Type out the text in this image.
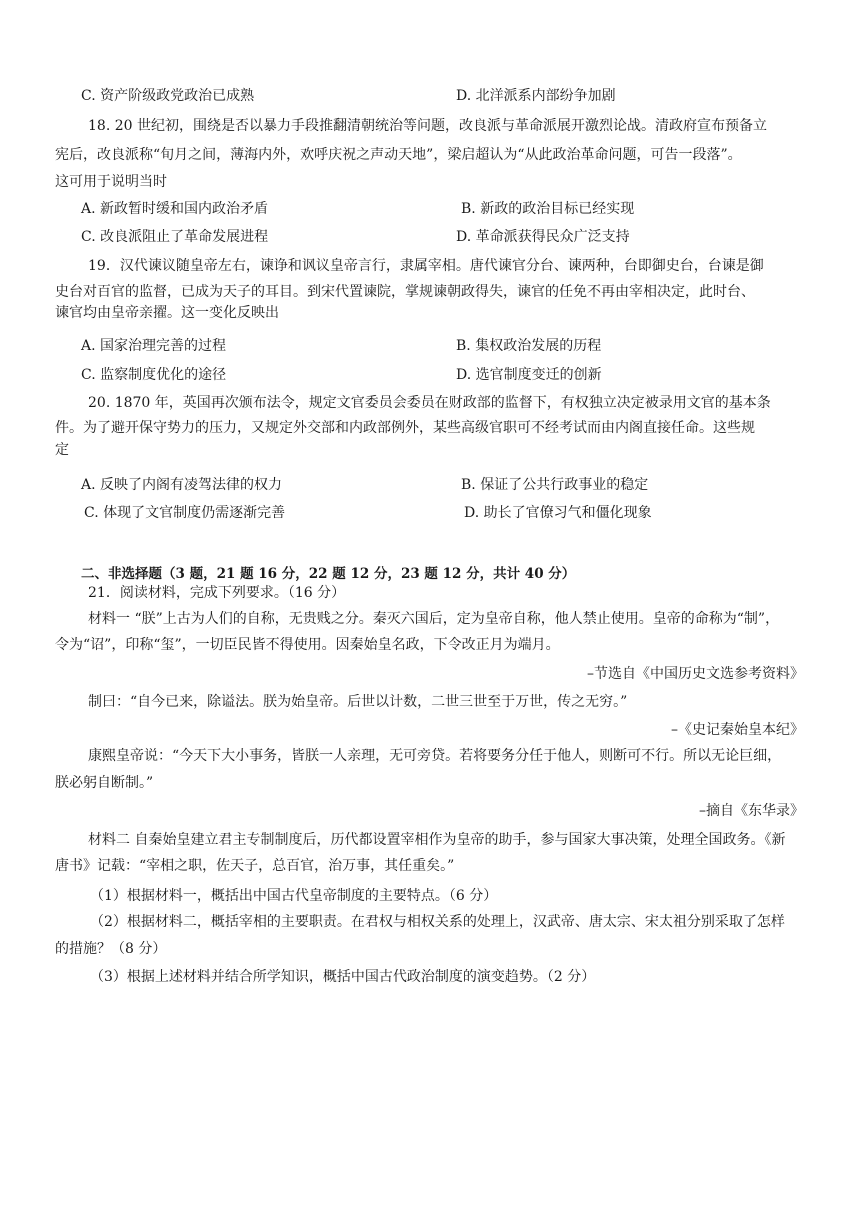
C. 资产阶级政党政治已成熟	D. 北洋派系内部纷争加剧
18. 20 世纪初，围绕是否以暴力手段推翻清朝统治等问题，改良派与革命派展开激烈论战。清政府宣布预备立
宪后，改良派称“旬月之间，薄海内外，欢呼庆祝之声动天地”，梁启超认为“从此政治革命问题，可告一段落”。
这可用于说明当时
A. 新政暂时缓和国内政治矛盾	B. 新政的政治目标已经实现
C. 改良派阻止了革命发展进程	D. 革命派获得民众广泛支持
19．汉代谏议随皇帝左右，谏诤和讽议皇帝言行，隶属宰相。唐代谏官分台、谏两种，台即御史台，台谏是御
史台对百官的监督，已成为天子的耳目。到宋代置谏院，掌规谏朝政得失，谏官的任免不再由宰相决定，此时台、
谏官均由皇帝亲擢。这一变化反映出
A. 国家治理完善的过程	B. 集权政治发展的历程
C. 监察制度优化的途径	D. 选官制度变迁的创新
20. 1870 年，英国再次颁布法令，规定文官委员会委员在财政部的监督下，有权独立决定被录用文官的基本条
件。为了避开保守势力的压力，又规定外交部和内政部例外，某些高级官职可不经考试而由内阁直接任命。这些规
定
A. 反映了内阁有凌驾法律的权力	B. 保证了公共行政事业的稳定
C. 体现了文官制度仍需逐渐完善	D. 助长了官僚习气和僵化现象
二、非选择题（3 题，21 题 16 分，22 题 12 分，23 题 12 分，共计 40 分）
21．阅读材料，完成下列要求。（16 分）
材料一 “朕”上古为人们的自称，无贵贱之分。秦灭六国后，定为皇帝自称，他人禁止使用。皇帝的命称为“制”，
令为“诏”，印称“玺”，一切臣民皆不得使用。因秦始皇名政，下令改正月为端月。
–节选自《中国历史文选参考资料》
制曰：“自今已来，除谥法。朕为始皇帝。后世以计数，二世三世至于万世，传之无穷。”
–《史记秦始皇本纪》
康熙皇帝说：“今天下大小事务，皆朕一人亲理，无可旁贷。若将要务分任于他人，则断可不行。所以无论巨细，
朕必躬自断制。”
–摘自《东华录》
材料二 自秦始皇建立君主专制制度后，历代都设置宰相作为皇帝的助手，参与国家大事决策，处理全国政务。《新
唐书》记载：“宰相之职，佐天子，总百官，治万事，其任重矣。”
（1）根据材料一，概括出中国古代皇帝制度的主要特点。（6 分）
（2）根据材料二，概括宰相的主要职责。在君权与相权关系的处理上，汉武帝、唐太宗、宋太祖分别采取了怎样
的措施？（8 分）
（3）根据上述材料并结合所学知识，概括中国古代政治制度的演变趋势。（2 分）
